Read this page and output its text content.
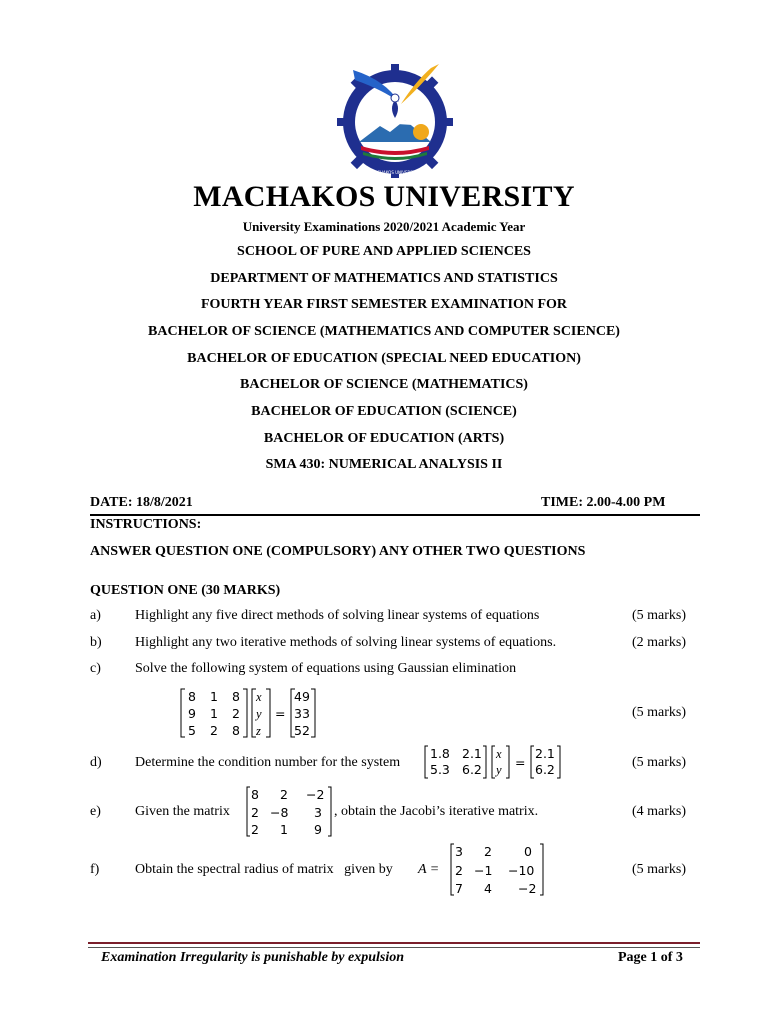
MACHAKOS UNIVERSITY
MACHAKOS UNIVERSITY
University Examinations 2020/2021 Academic Year
SCHOOL OF PURE AND APPLIED SCIENCES
DEPARTMENT OF MATHEMATICS AND STATISTICS
FOURTH YEAR FIRST SEMESTER EXAMINATION FOR
BACHELOR OF SCIENCE (MATHEMATICS AND COMPUTER SCIENCE)
BACHELOR OF EDUCATION (SPECIAL NEED EDUCATION)
BACHELOR OF SCIENCE (MATHEMATICS)
BACHELOR OF EDUCATION (SCIENCE)
BACHELOR OF EDUCATION (ARTS)
SMA 430: NUMERICAL ANALYSIS II
DATE: 18/8/2021	TIME: 2.00-4.00 PM
INSTRUCTIONS:
ANSWER QUESTION ONE (COMPULSORY) ANY OTHER TWO QUESTIONS
QUESTION ONE (30 MARKS)
a) Highlight any five direct methods of solving linear systems of equations	(5 marks)
b) Highlight any two iterative methods of solving linear systems of equations.	(2 marks)
c) Solve the following system of equations using Gaussian elimination
8 1 8
9 1 2
5 2 8
x
y
z
=
49
33
52
(5 marks)
d) Determine the condition number for the system
1.8 2.1
5.3 6.2
x
y =
2.1
6.2	(5 marks)
e) Given the matrix
8 2 −2
2 −8 3
2 1 9
, obtain the Jacobi’s iterative matrix.	(4 marks)
f)	Obtain the spectral radius of matrix   given by A =
3 2	0
2 −1 −10
7 4 −2
(5 marks)
Examination Irregularity is punishable by expulsion	Page 1 of 3
